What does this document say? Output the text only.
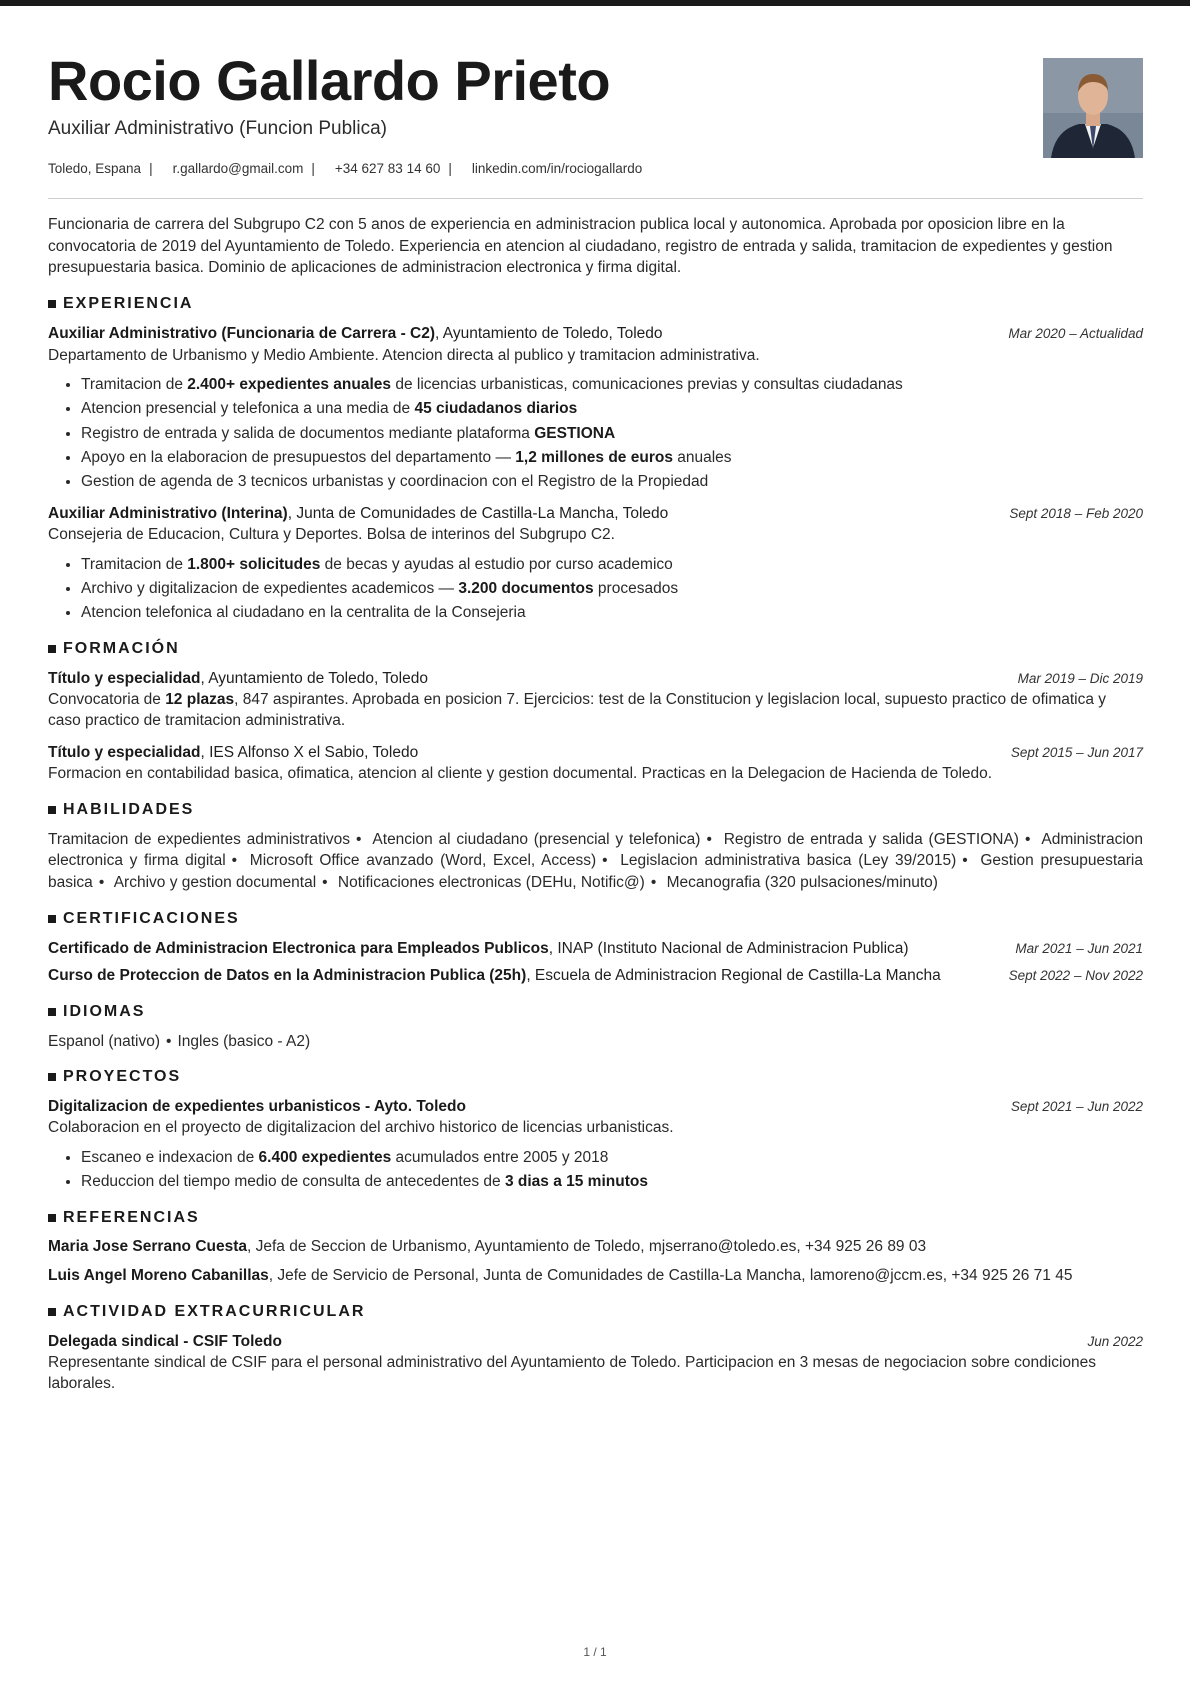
Rocio Gallardo Prieto
Auxiliar Administrativo (Funcion Publica)
Toledo, Espana |	r.gallardo@gmail.com |	+34 627 83 14 60 |	linkedin.com/in/rociogallardo
Funcionaria de carrera del Subgrupo C2 con 5 anos de experiencia en administracion publica local y autonomica. Aprobada por oposicion libre en la convocatoria de 2019 del Ayuntamiento de Toledo. Experiencia en atencion al ciudadano, registro de entrada y salida, tramitacion de expedientes y gestion presupuestaria basica. Dominio de aplicaciones de administracion electronica y firma digital.
EXPERIENCIA
Auxiliar Administrativo (Funcionaria de Carrera - C2), Ayuntamiento de Toledo, Toledo	Mar 2020 – Actualidad
Departamento de Urbanismo y Medio Ambiente. Atencion directa al publico y tramitacion administrativa.
• Tramitacion de 2.400+ expedientes anuales de licencias urbanisticas, comunicaciones previas y consultas ciudadanas
• Atencion presencial y telefonica a una media de 45 ciudadanos diarios
• Registro de entrada y salida de documentos mediante plataforma GESTIONA
• Apoyo en la elaboracion de presupuestos del departamento — 1,2 millones de euros anuales
• Gestion de agenda de 3 tecnicos urbanistas y coordinacion con el Registro de la Propiedad
Auxiliar Administrativo (Interina), Junta de Comunidades de Castilla-La Mancha, Toledo	Sept 2018 – Feb 2020
Consejeria de Educacion, Cultura y Deportes. Bolsa de interinos del Subgrupo C2.
• Tramitacion de 1.800+ solicitudes de becas y ayudas al estudio por curso academico
• Archivo y digitalizacion de expedientes academicos — 3.200 documentos procesados
• Atencion telefonica al ciudadano en la centralita de la Consejeria
FORMACIÓN
Título y especialidad, Ayuntamiento de Toledo, Toledo	Mar 2019 – Dic 2019
Convocatoria de 12 plazas, 847 aspirantes. Aprobada en posicion 7. Ejercicios: test de la Constitucion y legislacion local, supuesto practico de ofimatica y caso practico de tramitacion administrativa.
Título y especialidad, IES Alfonso X el Sabio, Toledo	Sept 2015 – Jun 2017
Formacion en contabilidad basica, ofimatica, atencion al cliente y gestion documental. Practicas en la Delegacion de Hacienda de Toledo.
HABILIDADES
Tramitacion de expedientes administrativos • Atencion al ciudadano (presencial y telefonica) • Registro de entrada y salida (GESTIONA) • Administracion electronica y firma digital • Microsoft Office avanzado (Word, Excel, Access) • Legislacion administrativa basica (Ley 39/2015) • Gestion presupuestaria basica • Archivo y gestion documental • Notificaciones electronicas (DEHu, Notific@) • Mecanografia (320 pulsaciones/minuto)
CERTIFICACIONES
Certificado de Administracion Electronica para Empleados Publicos, INAP (Instituto Nacional de Administracion Publica)	Mar 2021 – Jun 2021
Curso de Proteccion de Datos en la Administracion Publica (25h), Escuela de Administracion Regional de Castilla-La Mancha	Sept 2022 – Nov 2022
IDIOMAS
Espanol (nativo) • Ingles (basico - A2)
PROYECTOS
Digitalizacion de expedientes urbanisticos - Ayto. Toledo	Sept 2021 – Jun 2022
Colaboracion en el proyecto de digitalizacion del archivo historico de licencias urbanisticas.
• Escaneo e indexacion de 6.400 expedientes acumulados entre 2005 y 2018
• Reduccion del tiempo medio de consulta de antecedentes de 3 dias a 15 minutos
REFERENCIAS
Maria Jose Serrano Cuesta, Jefa de Seccion de Urbanismo, Ayuntamiento de Toledo, mjserrano@toledo.es, +34 925 26 89 03
Luis Angel Moreno Cabanillas, Jefe de Servicio de Personal, Junta de Comunidades de Castilla-La Mancha, lamoreno@jccm.es, +34 925 26 71 45
ACTIVIDAD EXTRACURRICULAR
Delegada sindical - CSIF Toledo	Jun 2022
Representante sindical de CSIF para el personal administrativo del Ayuntamiento de Toledo. Participacion en 3 mesas de negociacion sobre condiciones laborales.
1 / 1
